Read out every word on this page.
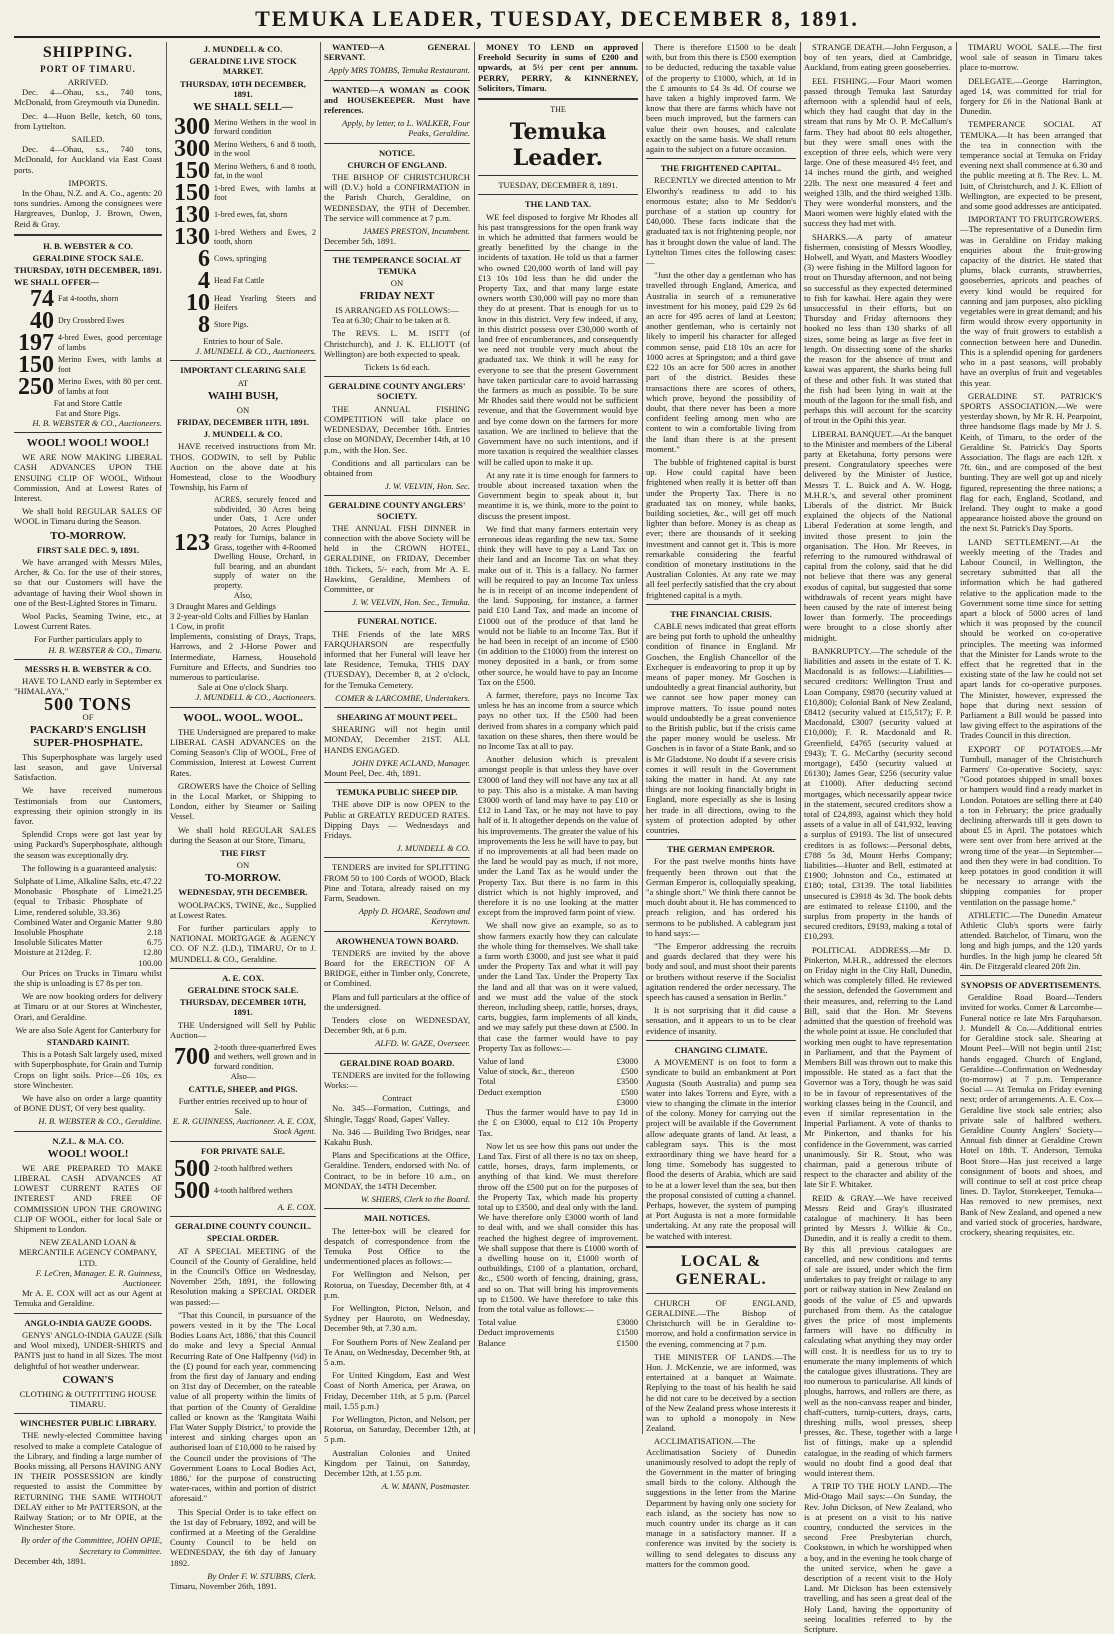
TEMUKA LEADER, TUESDAY, DECEMBER 8, 1891.
SHIPPING.
PORT OF TIMARU.
ARRIVED.

Dec. 4—Ohau, s.s., 740 tons, McDonald, from Greymouth via Dunedin.

Dec. 4—Huon Belle, ketch, 60 tons, from Lyttelton.

SAILED.

Dec. 4—Ohau, s.s., 740 tons, McDonald, for Auckland via East Coast ports.

IMPORTS.

In the Ohau, N.Z. and A. Co., agents: 20 tons sundries. Among the consignees were Hargreaves, Dunlop, J. Brown, Owen, Reid & Gray.

H. B. WEBSTER & CO.
GERALDINE STOCK SALE.
THURSDAY, 10TH DECEMBER, 1891.
WE SHALL OFFER—
74 Fat 4-tooths, shorn
40 Dry Crossbred Ewes
197 4-bred Ewes, good percentage of lambs
150 Merino Ewes, with lambs at foot
250 Merino Ewes, with 80 per cent. of lambs at foot
Fat and Store Cattle
Fat and Store Pigs.
H. B. WEBSTER & CO., Auctioneers.
WOOL! WOOL! WOOL!

WE ARE NOW MAKING LIBERAL CASH ADVANCES UPON THE ENSUING CLIP OF WOOL, Without Commission, And at Lowest Rates of Interest.

We shall hold REGULAR SALES OF WOOL in Timaru during the Season.

TO-MORROW.
FIRST SALE DEC. 9, 1891.

We have arranged with Messrs Miles, Archer, & Co. for the use of their stores, so that our Customers will have the advantage of having their Wool shown in one of the Best-Lighted Stores in Timaru.

Wool Packs, Seaming Twine, etc., at Lowest Current Rates.

For Further particulars apply to
H. B. WEBSTER & CO., Timaru.
MESSRS H. B. WEBSTER & CO.

HAVE TO LAND early in September ex "HIMALAYA,"

500 TONS
OF
PACKARD'S ENGLISH SUPER-PHOSPHATE.

This Superphosphate was largely used last season, and gave Universal Satisfaction.

We have received numerous Testimonials from our Customers, expressing their opinion strongly in its favor.

Splendid Crops were got last year by using Packard's Superphosphate, although the season was exceptionally dry.

The following is a guaranteed analysis:

Sulphate of Lime, Alkaline Salts, etc. 47.22
Monobasic Phosphate of Lime (equal to Tribasic Phosphate of Lime, rendered soluble, 33.36)
21.25
Combined Water and Organic Matter 9.80
Insoluble Phosphate	2.18
Insoluble Silicates Matter	6.75
Moisture at 212deg. F.	12.80
100.00

Our Prices on Trucks in Timaru whilst the ship is unloading is £7 8s per ton.

We are now booking orders for delivery at Timaru or at our Stores at Winchester, Orari, and Geraldine.

We are also Sole Agent for Canterbury for
STANDARD KAINIT.

This is a Potash Salt largely used, mixed with Superphosphate, for Grain and Turnip Crops on light soils. Price—£6 10s, ex store Winchester.

We have also on order a large quantity of BONE DUST, Of very best quality.

H. B. WEBSTER & CO., Geraldine.
N.Z.L. & M.A. CO.
WOOL! WOOL!

WE ARE PREPARED TO MAKE LIBERAL CASH ADVANCES AT LOWEST CURRENT RATES OF INTEREST AND FREE OF COMMISSION UPON THE GROWING CLIP OF WOOL, either for local Sale or Shipment to London.

NEW ZEALAND LOAN & MERCANTILE AGENCY COMPANY, LTD.
F. LeCren, Manager. E. R. Guinness, Auctioneer.

Mr A. E. COX will act as our Agent at Temuka and Geraldine.

ANGLO-INDIA GAUZE GOODS.

GENYS' ANGLO-INDIA GAUZE (Silk and Wool mixed), UNDER-SHIRTS and PANTS just to hand in all Sizes. The most delightful of hot weather underwear.

COWAN'S
CLOTHING & OUTFITTING HOUSE TIMARU.
WINCHESTER PUBLIC LIBRARY.

THE newly-elected Committee having resolved to make a complete Catalogue of the Library, and finding a large number of Books missing, all Persons HAVING ANY IN THEIR POSSESSION are kindly requested to assist the Committee by RETURNING THE SAME WITHOUT DELAY either to Mr PATTERSON, at the Railway Station; or to Mr OPIE, at the Winchester Store.

By order of the Committee, JOHN OPIE, Secretary to Committee.
December 4th, 1891.
J. MUNDELL & CO.
GERALDINE LIVE STOCK MARKET.
THURSDAY, 10TH DECEMBER, 1891.
WE SHALL SELL—
300 Merino Wethers in the wool in forward condition
300 Merino Wethers, 6 and 8 tooth, in the wool
150 Merino Wethers, 6 and 8 tooth, fat, in the wool
150 1-bred Ewes, with lambs at foot
130 1-bred ewes, fat, shorn
130 1-bred Wethers and Ewes, 2 tooth, shorn
6 Cows, springing
4 Head Fat Cattle
10 Head Yearling Steers and Heifers
8 Store Pigs.
Entries to hour of Sale.
J. MUNDELL & CO., Auctioneers.
IMPORTANT CLEARING SALE
AT
WAIHI BUSH,
ON
FRIDAY, DECEMBER 11TH, 1891.
J. MUNDELL & CO.

HAVE received instructions from Mr. THOS. GODWIN, to sell by Public Auction on the above date at his Homestead, close to the Woodbury Township, his Farm of

123
ACRES, securely fenced and subdivided, 30 Acres being under Oats, 1 Acre under Potatoes, 20 Acres Ploughed ready for Turnips, balance in Grass, together with 4-Roomed Dwelling House, Orchard, in full bearing, and an abundant supply of water on the property.
Also,
3 Draught Mares and Geldings
3 2-year-old Colts and Fillies by Hanlan
1 Cow, in profit
Implements, consisting of Drays, Traps, Harrows, and 2 J-Horse Power and Intermediate, Harness, Household Furniture and Effects, and Sundries too numerous to particularise.
Sale at One o'clock Sharp.
J. MUNDELL & CO., Auctioneers.
WOOL. WOOL. WOOL.

THE Undersigned are prepared to make LIBERAL CASH ADVANCES on the Coming Season's Clip of WOOL, Free of Commission, Interest at Lowest Current Rates.

GROWERS have the Choice of Selling in the Local Market, or Shipping to London, either by Steamer or Sailing Vessel.

We shall hold REGULAR SALES during the Season at our Store, Timaru,

THE FIRST
ON
TO-MORROW.
WEDNESDAY, 9TH DECEMBER.

WOOLPACKS, TWINE, &c., Supplied at Lowest Rates.

For further particulars apply to NATIONAL MORTGAGE & AGENCY CO. OF N.Z. (LD.), TIMARU, Or to J. MUNDELL & CO., Geraldine.

A. E. COX.
GERALDINE STOCK SALE.
THURSDAY, DECEMBER 10TH, 1891.

THE Undersigned will Sell by Public Auction—

700 2-tooth three-quarterbred Ewes and wethers, well grown and in forward condition.
Also—
CATTLE, SHEEP, and PIGS.
Further entries received up to hour of Sale.
E. R. GUINNESS, Auctioneer. A. E. COX, Stock Agent.
FOR PRIVATE SALE.
500 2-tooth halfbred wethers
500 4-tooth halfbred wethers
A. E. COX.
GERALDINE COUNTY COUNCIL.
SPECIAL ORDER.

AT A SPECIAL MEETING of the Council of the County of Geraldine, held in the Council's Office on Wednesday, November 25th, 1891, the following Resolution making a SPECIAL ORDER was passed:—

"That this Council, in pursuance of the powers vested in it by the 'The Local Bodies Loans Act, 1886,' that this Council do make and levy a Special Annual Recurring Rate of One Halfpenny (½d) in the (£) pound for each year, commencing from the first day of January and ending on 31st day of December, on the rateable value of all property within the limits of that portion of the County of Geraldine called or known as the 'Rangitata Waihi Flat Water Supply District,' to provide the interest and sinking charges upon an authorised loan of £10,000 to be raised by the Council under the provisions of 'The Government Loans to Local Bodies Act, 1886,' for the purpose of constructing water-races, within and portion of district aforesaid."

This Special Order is to take effect on the 1st day of February, 1892, and will be confirmed at a Meeting of the Geraldine County Council to be held on WEDNESDAY, the 6th day of January 1892.

By Order F. W. STUBBS, Clerk.
Timaru, November 26th, 1891.

WANTED—A GENERAL SERVANT.

Apply MRS TOMBS, Temuka Restaurant.

WANTED—A WOMAN as COOK and HOUSEKEEPER. Must have references.

Apply, by letter, to L. WALKER, Four Peaks, Geraldine.
NOTICE.
CHURCH OF ENGLAND.

THE BISHOP OF CHRISTCHURCH will (D.V.) hold a CONFIRMATION in the Parish Church, Geraldine, on WEDNESDAY, the 9TH of December. The service will commence at 7 p.m.

JAMES PRESTON, Incumbent.
December 5th, 1891.
THE TEMPERANCE SOCIAL AT TEMUKA
ON
FRIDAY NEXT
IS ARRANGED AS FOLLOWS:—

Tea at 6.30; Chair to be taken at 8.

The REVS. L. M. ISITT (of Christchurch), and J. K. ELLIOTT (of Wellington) are both expected to speak.

Tickets 1s 6d each.
GERALDINE COUNTY ANGLERS' SOCIETY.

THE ANNUAL FISHING COMPETITION will take place on WEDNESDAY, December 16th. Entries close on MONDAY, December 14th, at 10 p.m., with the Hon. Sec.

Conditions and all particulars can be obtained from

J. W. VELVIN, Hon. Sec.
GERALDINE COUNTY ANGLERS' SOCIETY.

THE ANNUAL FISH DINNER in connection with the above Society will be held in the CROWN HOTEL, GERALDINE, on FRIDAY, December 18th. Tickets, 5/- each, from Mr A. E. Hawkins, Geraldine, Members of Committee, or

J. W. VELVIN, Hon. Sec., Temuka.
FUNERAL NOTICE.

THE Friends of the late MRS FARQUHARSON are respectfully informed that her Funeral will leave her late Residence, Temuka, THIS DAY (TUESDAY), December 8, at 2 o'clock, for the Temuka Cemetery.

COMER & LARCOMBE, Undertakers.
SHEARING AT MOUNT PEEL.

SHEARING will not begin until MONDAY, December 21ST. ALL HANDS ENGAGED.

JOHN DYKE ACLAND, Manager.
Mount Peel, Dec. 4th, 1891.
TEMUKA PUBLIC SHEEP DIP.

THE above DIP is now OPEN to the Public at GREATLY REDUCED RATES. Dipping Days — Wednesdays and Fridays.

J. MUNDELL & CO.

TENDERS are invited for SPLITTING FROM 50 to 100 Cords of WOOD, Black Pine and Totara, already raised on my Farm, Seadown.

Apply D. HOARE, Seadown and Kerrytown.
AROWHENUA TOWN BOARD.

TENDERS are invited by the above Board for the ERECTION OF A BRIDGE, either in Timber only, Concrete, or Combined.

Plans and full particulars at the office of the undersigned.

Tenders close on WEDNESDAY, December 9th, at 6 p.m.

ALFD. W. GAZE, Overseer.
GERALDINE ROAD BOARD.

TENDERS are invited for the following Works:—

Contract

No. 345—Formation, Cuttings, and Shingle, Taggs' Road, Gapes' Valley.

No. 346 — Building Two Bridges, near Kakahu Bush.

Plans and Specifications at the Office, Geraldine. Tenders, endorsed with No. of Contract, to be in before 10 a.m., on MONDAY, the 14TH December.

W. SHIERS, Clerk to the Board.
MAIL NOTICES.

The letter-box will be cleared for despatch of correspondence from the Temuka Post Office to the undermentioned places as follows:—

For Wellington and Nelson, per Rotorua, on Tuesday, December 8th, at 4 p.m.

For Wellington, Picton, Nelson, and Sydney per Hauroto, on Wednesday, December 9th, at 7.30 a.m.

For Southern Ports of New Zealand per Te Anau, on Wednesday, December 9th, at 5 a.m.

For United Kingdom, East and West Coast of North America, per Arawa, on Friday, December 11th, at 5 p.m. (Parcel mail, 1.55 p.m.)

For Wellington, Picton, and Nelson, per Rotorua, on Saturday, December 12th, at 5 p.m.

Australian Colonies and United Kingdom per Tainui, on Saturday, December 12th, at 1.55 p.m.

A. W. MANN, Postmaster.

MONEY TO LEND on approved Freehold Security in sums of £200 and upwards, at 5½ per cent per annum. PERRY, PERRY, & KINNERNEY, Solicitors, Timaru.

THE
Temuka Leader.
TUESDAY, DECEMBER 8, 1891.
THE LAND TAX.

WE feel disposed to forgive Mr Rhodes all his past transgressions for the open frank way in which he admitted that farmers would be greatly benefitted by the change in the incidents of taxation. He told us that a farmer who owned £20,000 worth of land will pay £13 10s 10d less than he did under the Property Tax, and that many large estate owners worth £30,000 will pay no more than they do at present. That is enough for us to know in this district. Very few indeed, if any, in this district possess over £30,000 worth of land free of encumberances, and consequently we need not trouble very much about the graduated tax. We think it will be easy for everyone to see that the present Government have taken particular care to avoid harrassing the farmers as much as possible. To be sure Mr Rhodes said there would not be sufficient revenue, and that the Government would bye and bye come down on the farmers for more taxation. We are inclined to believe that the Government have no such intentions, and if more taxation is required the wealthier classes will be called upon to make it up.

At any rate it is time enough for farmers to trouble about increased taxation when the Government begin to speak about it, but meantime it is, we think, more to the point to discuss the present impost.

We find that many farmers entertain very erroneous ideas regarding the new tax. Some think they will have to pay a Land Tax on their land and an Income Tax on what they make out of it. This is a fallacy. No farmer will be required to pay an Income Tax unless he is in receipt of an income independent of the land. Supposing, for instance, a farmer paid £10 Land Tax, and made an income of £1000 out of the produce of that land he would not be liable to an Income Tax. But if he had been in receipt of an income of £500 (in addition to the £1000) from the interest on money deposited in a bank, or from some other source, he would have to pay an Income Tax on the £500.

A farmer, therefore, pays no Income Tax unless he has an income from a source which pays no other tax. If the £500 had been derived from shares in a company which paid taxation on these shares, then there would be no Income Tax at all to pay.

Another delusion which is prevalent amongst people is that unless they have over £3000 of land they will not have any tax at all to pay. This also is a mistake. A man having £3000 worth of land may have to pay £10 or £12 in Land Tax, or he may not have to pay half of it. It altogether depends on the value of his improvements. The greater the value of his improvements the less he will have to pay, but if no improvements at all had been made on the land he would pay as much, if not more, under the Land Tax as he would under the Property Tax. But there is no farm in this district which is not highly improved, and therefore it is no use looking at the matter except from the improved farm point of view.

We shall now give an example, so as to show farmers exactly how they can calculate the whole thing for themselves. We shall take a farm worth £3000, and just see what it paid under the Property Tax and what it will pay under the Land Tax. Under the Property Tax the land and all that was on it were valued, and we must add the value of the stock thereon, including sheep, cattle, horses, drays, carts, buggies, farm implements of all kinds, and we may safely put these down at £500. In that case the farmer would have to pay Property Tax as follows:—

Value of land	£3000
Value of stock, &c., thereon	£500
Total	£3500
Deduct exemption	£500
£3000

Thus the farmer would have to pay 1d in the £ on £3000, equal to £12 10s Property Tax.

Now let us see how this pans out under the Land Tax. First of all there is no tax on sheep, cattle, horses, drays, farm implements, or anything of that kind. We must therefore throw off the £500 put on for the purposes of the Property Tax, which made his property total up to £3500, and deal only with the land. We have therefore only £3000 worth of land to deal with, and we shall consider this has reached the highest degree of improvement. We shall suppose that there is £1000 worth of a dwelling house on it, £1000 worth of outbuildings, £100 of a plantation, orchard, &c., £500 worth of fencing, draining, grass, and so on. That will bring his improvements up to £1500. We have therefore to take this from the total value as follows:—

Total value	£3000
Deduct improvements	£1500
Balance	£1500

There is therefore £1500 to be dealt with, but from this there is £500 exemption to be deducted, reducing the taxable value of the property to £1000, which, at 1d in the £ amounts to £4 3s 4d. Of course we have taken a highly improved farm. We know that there are farms which have not been much improved, but the farmers can value their own houses, and calculate exactly on the same basis. We shall return again to the subject on a future occasion.

THE FRIGHTENED CAPITAL.

RECENTLY we directed attention to Mr Elworthy's readiness to add to his enormous estate; also to Mr Seddon's purchase of a station up country for £40,000. These facts indicate that the graduated tax is not frightening people, nor has it brought down the value of land. The Lyttelton Times cites the following cases:—

"Just the other day a gentleman who has travelled through England, America, and Australia in search of a remunerative investment for his money, paid £29 2s 6d an acre for 495 acres of land at Leeston; another gentleman, who is certainly not likely to imperil his character for alleged common sense, paid £18 10s an acre for 1000 acres at Springston; and a third gave £22 10s an acre for 500 acres in another part of the district. Besides these transactions there are scores of others, which prove, beyond the possibility of doubt, that there never has been a more confident feeling among men who are content to win a comfortable living from the land than there is at the present moment."

The bubble of frightened capital is burst up. How could capital have been frightened when really it is better off than under the Property Tax. There is no graduated tax on money, while banks, building societies, &c., will get off much lighter than before. Money is as cheap as ever; there are thousands of it seeking investment and cannot get it. This is more remarkable considering the fearful condition of monetary institutions in the Australian Colonies. At any rate we may all feel perfectly satisfied that the cry about frightened capital is a myth.

THE FINANCIAL CRISIS.

CABLE news indicated that great efforts are being put forth to uphold the unhealthy condition of finance in England. Mr Goschen, the English Chancellor of the Exchequer is endeavoring to prop it up by means of paper money. Mr Goschen is undoubtedly a great financial authority, but we cannot see how paper money can improve matters. To issue pound notes would undoubtedly be a great convenience to the British public, but if the crisis came the paper money would be useless. Mr Goschen is in favor of a State Bank, and so is Mr Gladstone. No doubt if a severe crisis comes it will result in the Government taking the matter in hand. At any rate things are not looking financially bright in England, more especially as she is losing her trade in all directions, owing to the system of protection adopted by other countries.

THE GERMAN EMPEROR.

For the past twelve months hints have frequently been thrown out that the German Emperor is, colloquially speaking, "a shingle short." We think there cannot be much doubt about it. He has commenced to preach religion, and has ordered his sermons to be published. A cablegram just to hand says:—

"The Emperor addressing the recruits and guards declared that they were his body and soul, and must shoot their parents or brothers without reserve if the Socialist agitation rendered the order necessary. The speech has caused a sensation in Berlin."

It is not surprising that it did cause a sensation, and it appears to us to be clear evidence of insanity.

CHANGING CLIMATE.

A MOVEMENT is on foot to form a syndicate to build an embankment at Port Augusta (South Australia) and pump sea water into lakes Torrens and Eyre, with a view to changing the climate in the interior of the colony. Money for carrying out the project will be available if the Government allow adequate grants of land. At least, a cablegram says. This is the most extraordinary thing we have heard for a long time. Somebody has suggested to flood the deserts of Arabia, which are said to be at a lower level than the sea, but then the proposal consisted of cutting a channel. Perhaps, however, the system of pumping at Port Augusta is not a more formidable undertaking. At any rate the proposal will be watched with interest.

LOCAL & GENERAL.

CHURCH OF ENGLAND, GERALDINE.—The Bishop of Christchurch will be in Geraldine to-morrow, and hold a confirmation service in the evening, commencing at 7 p.m.

THE MINISTER OF LANDS.—The Hon. J. McKenzie, we are informed, was entertained at a banquet at Waimate. Replying to the toast of his health he said he did not care to be deceived by a section of the New Zealand press whose interests it was to uphold a monopoly in New Zealand.

ACCLIMATISATION.—The Acclimatisation Society of Dunedin unanimously resolved to adopt the reply of the Government in the matter of bringing small birds to the colony. Although the suggestions in the letter from the Marine Department by having only one society for each island, as the society has now so much country under its charge as it can manage in a satisfactory manner. If a conference was invited by the society is willing to send delegates to discuss any matters for the common good.

STRANGE DEATH.—John Ferguson, a boy of ten years, died at Cambridge, Auckland, from eating green gooseberries.

EEL FISHING.—Four Maori women passed through Temuka last Saturday afternoon with a splendid haul of eels, which they had caught that day in the stream that runs by Mr O. P. McCallum's farm. They had about 80 eels altogether, but they were small ones with the exception of three eels, which were very large. One of these measured 4½ feet, and 14 inches round the girth, and weighed 22lb. The next one measured 4 feet and weighed 13lb, and the third weighed 13lb. They were wonderful monsters, and the Maori women were highly elated with the success they had met with.

SHARKS.—A party of amateur fishermen, consisting of Messrs Woodley, Holwell, and Wyatt, and Masters Woodley (3) were fishing in the Milford lagoon for trout on Thursday afternoon, and not being so successful as they expected determined to fish for kawhai. Here again they were unsuccessful in their efforts, but on Thursday and Friday afternoons they hooked no less than 130 sharks of all sizes, some being as large as five feet in length. On dissecting some of the sharks the reason for the absence of trout and kawai was apparent, the sharks being full of these and other fish. It was stated that the fish had been lying in wait at the mouth of the lagoon for the small fish, and perhaps this will account for the scarcity of trout in the Opihi this year.

LIBERAL BANQUET.—At the banquet to the Minister and members of the Liberal party at Eketahuna, forty persons were present. Congratulatory speeches were delivered by the Minister of Justice, Messrs T. L. Buick and A. W. Hogg, M.H.R.'s, and several other prominent Liberals of the district. Mr Buick explained the objects of the National Liberal Federation at some length, and invited those present to join the organisation. The Hon. Mr Reeves, in referring to the rumoured withdrawal of capital from the colony, said that he did not believe that there was any general exodus of capital, but suggested that some withdrawals of recent years might have been caused by the rate of interest being lower than formerly. The proceedings were brought to a close shortly after midnight.

BANKRUPTCY.—The schedule of the liabilities and assets in the estate of T. K. Macdonald is as follows:—Liabilities—secured creditors: Wellington Trust and Loan Company, £9870 (security valued at £10,800); Colonial Bank of New Zealand, £8412 (security valued at £15,517); F. P. Macdonald, £3007 (security valued at £10,000); F. R. Macdonald and R. Greenfield, £4765 (security valued at £943); T. G. McCarthy (security second mortgage), £450 (security valued at £6130); James Gear, £256 (security value at £1000). After deducting second mortgages, which necessarily appear twice in the statement, secured creditors show a total of £24,893, against which they hold assets of a value in all of £41,932, leaving a surplus of £9193. The list of unsecured creditors is as follows:—Personal debts, £788 5s 3d, Mount Herbs Company; liabilities—Hunter and Bell, estimated at £1900; Johnston and Co., estimated at £180; total, £3139. The total liabilities unsecured is £3918 4s 3d. The book debts are estimated to release £1100, and the surplus from property in the hands of secured creditors, £9193, making a total of £10,293.

POLITICAL ADDRESS.—Mr D. Pinkerton, M.H.R., addressed the electors on Friday night in the City Hall, Dunedin, which was completely filled. He reviewed the session, defended the Government and their measures, and, referring to the Land Bill, said that the Hon. Mr Stevens admitted that the question of freehold was the whole point at issue. He concluded that working men ought to have representation in Parliament, and that the Payment of Members Bill was thrown out to make this impossible. He stated as a fact that the Governor was a Tory, though he was said to be in favour of representatives of the working classes being in the Council, and even if similar representation in the Imperial Parliament. A vote of thanks to Mr Pinkerton, and thanks for his confidence in the Government, was carried unanimously. Sir R. Stout, who was chairman, paid a generous tribute of respect to the character and ability of the late Sir F. Whitaker.

REID & GRAY.—We have received Messrs Reid and Gray's illustrated catalogue of machinery. It has been printed by Messrs J. Wilkie & Co., Dunedin, and it is really a credit to them. By this all previous catalogues are cancelled, and new conditions and terms of sale are issued, under which the firm undertakes to pay freight or railage to any port or railway station in New Zealand on goods of the value of £5 and upwards purchased from them. As the catalogue gives the price of most implements farmers will have no difficulty in calculating what anything they may order will cost. It is needless for us to try to enumerate the many implements of which the catalogue gives illustrations. They are too numerous to particularise. All kinds of ploughs, harrows, and rollers are there, as well as the non-canvass reaper and binder, chaff-cutters, turnip-cutters, drays, carts, threshing mills, wool presses, sheep presses, &c. These, together with a large list of fittings, make up a splendid catalogue, in the reading of which farmers would no doubt find a good deal that would interest them.

A TRIP TO THE HOLY LAND.—The Mid-Otago Mail says:—On Sunday, the Rev. John Dickson, of New Zealand, who is at present on a visit to his native country, conducted the services in the second Free Presbyterian church, Cookstown, in which he worshipped when a boy, and in the evening he took charge of the united service, when he gave a description of a recent visit to the Holy Land. Mr Dickson has been extensively travelling, and has seen a great deal of the Holy Land, having the opportunity of seeing localities referred to by the Scripture.

TIMARU WOOL SALE.—The first wool sale of season in Timaru takes place to-morrow.

DELEGATE.—George Harrington, aged 14, was committed for trial for forgery for £6 in the National Bank at Dunedin.

TEMPERANCE SOCIAL AT TEMUKA.—It has been arranged that the tea in connection with the temperance social at Temuka on Friday evening next shall commence at 6.30 and the public meeting at 8. The Rev. L. M. Isitt, of Christchurch, and J. K. Elliott of Wellington, are expected to be present, and some good addresses are anticipated.

IMPORTANT TO FRUITGROWERS.—The representative of a Dunedin firm was in Geraldine on Friday making enquiries about the fruit-growing capacity of the district. He stated that plums, black currants, strawberries, gooseberries, apricots and peaches of every kind would be required for canning and jam purposes, also pickling vegetables were in great demand; and his firm would throw every opportunity in the way of fruit growers to establish a connection between here and Dunedin. This is a splendid opening for gardeners who in a past seasons, will probably have an overplus of fruit and vegetables this year.

GERALDINE ST. PATRICK'S SPORTS ASSOCIATION.—We were yesterday shown, by Mr R. H. Pearpoint, three handsome flags made by Mr J. S. Keith, of Timaru, to the order of the Geraldine St. Patrick's Day Sports Association. The flags are each 12ft. x 7ft. 6in., and are composed of the best bunting. They are well got up and nicely figured, representing the three nations; a flag for each, England, Scotland, and Ireland. They ought to make a good appearance hoisted above the ground on the next St. Patrick's Day Sports.

LAND SETTLEMENT.—At the weekly meeting of the Trades and Labour Council, in Wellington, the secretary submitted that all the information which he had gathered relative to the application made to the Government some time since for setting apart a block of 5000 acres of land which it was proposed by the council should be worked on co-operative principles. The meeting was informed that the Minister for Lands wrote to the effect that he regretted that in the existing state of the law he could not set apart lands for co-operative purposes. The Minister, however, expressed the hope that during next session of Parliament a Bill would be passed into law giving effect to the aspirations of the Trades Council in this direction.

EXPORT OF POTATOES.—Mr Turnbull, manager of the Christchurch Farmers' Co-operative Society, says: "Good potatoes shipped in small boxes or hampers would find a ready market in London. Potatoes are selling there at £40 a ton in February; the price gradually declining afterwards till it gets down to about £5 in April. The potatoes which were sent over from here arrived at the wrong time of the year—in September—and then they were in bad condition. To keep potatoes in good condition it will be necessary to arrange with the shipping companies for proper ventilation on the passage home."

ATHLETIC.—The Dunedin Amateur Athletic Club's sports were fairly attended. Batchelor, of Timaru, won the long and high jumps, and the 120 yards hurdles. In the high jump he cleared 5ft 4in. De Fitzgerald cleared 20ft 2in.

SYNOPSIS OF ADVERTISEMENTS.

Geraldine Road Board—Tenders invited for works. Comer & Larcombe—Funeral notice re late Mrs Farquharson. J. Mundell & Co.—Additional entries for Geraldine stock sale. Shearing at Mount Peel—Will not begin until 21st; hands engaged. Church of England, Geraldine—Confirmation on Wednesday (to-morrow) at 7 p.m. Temperance Social — At Temuka on Friday evening next; order of arrangements. A. E. Cox—Geraldine live stock sale entries; also private sale of halfbred wethers. Geraldine County Anglers' Society—Annual fish dinner at Geraldine Crown Hotel on 18th. T. Anderson, Temuka Boot Store—Has just received a large consignment of boots and shoes, and will continue to sell at cost price cheap lines. D. Taylor, Storekeeper, Temuka—Has removed to new premises, next Bank of New Zealand, and opened a new and varied stock of groceries, hardware, crockery, shearing requisites, etc.
